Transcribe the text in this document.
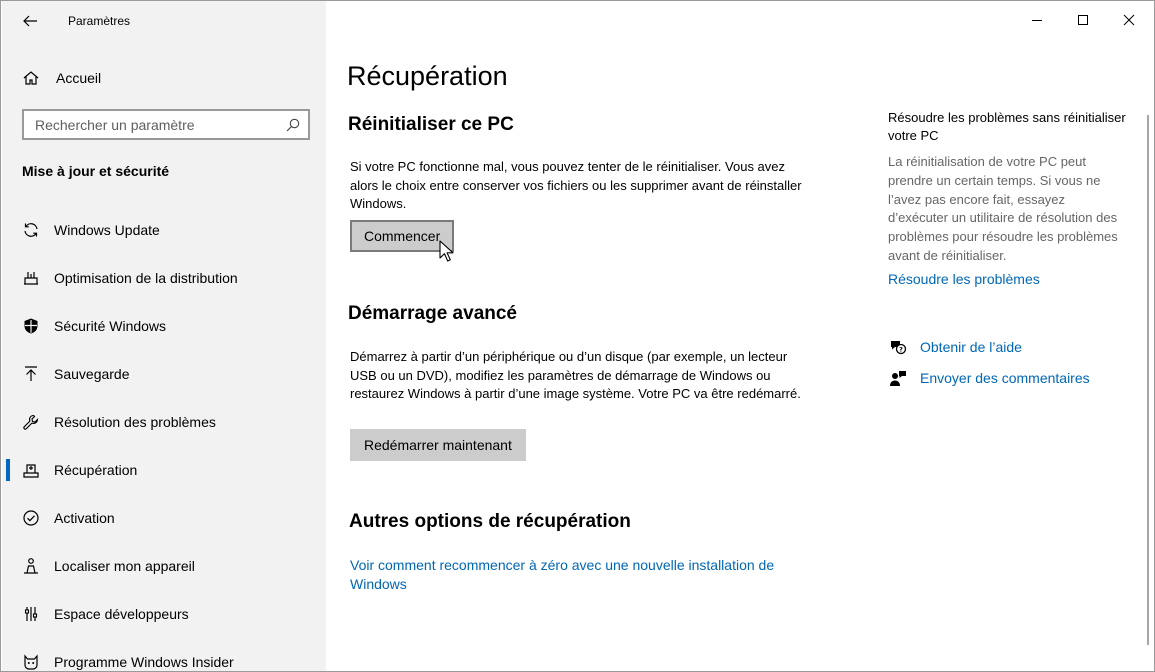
Paramètres
Accueil
Rechercher un paramètre
Mise à jour et sécurité
Windows Update
Optimisation de la distribution
Sécurité Windows
Sauvegarde
Résolution des problèmes
Récupération
Activation
Localiser mon appareil
Espace développeurs
Programme Windows Insider
Récupération
Réinitialiser ce PC

Si votre PC fonctionne mal, vous pouvez tenter de le réinitialiser. Vous avez alors le choix entre conserver vos fichiers ou les supprimer avant de réinstaller Windows.

Commencer
Démarrage avancé

Démarrez à partir d’un périphérique ou d’un disque (par exemple, un lecteur USB ou un DVD), modifiez les paramètres de démarrage de Windows ou restaurez Windows à partir d’une image système. Votre PC va être redémarré.

Redémarrer maintenant
Autres options de récupération
Voir comment recommencer à zéro avec une nouvelle installation de Windows
Résoudre les problèmes sans réinitialiser votre PC
La réinitialisation de votre PC peut prendre un certain temps. Si vous ne l’avez pas encore fait, essayez d’exécuter un utilitaire de résolution des problèmes pour résoudre les problèmes avant de réinitialiser.
Résoudre les problèmes
? Obtenir de l’aide
Envoyer des commentaires
